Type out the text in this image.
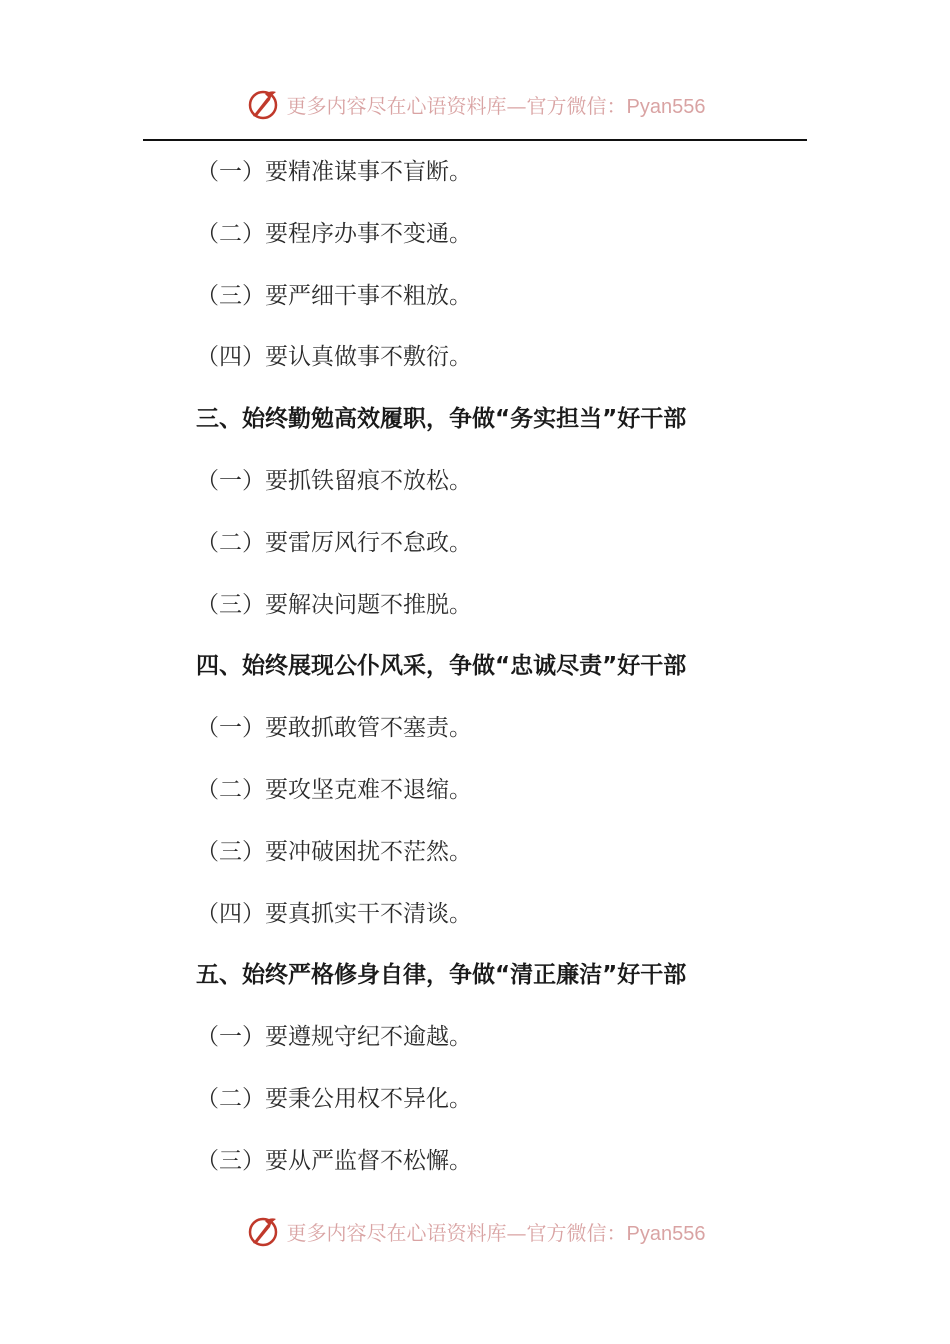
更多内容尽在心语资料库—官方微信：Pyan556
（一）要精准谋事不盲断。
（二）要程序办事不变通。
（三）要严细干事不粗放。
（四）要认真做事不敷衍。
三、始终勤勉高效履职，争做“务实担当”好干部
（一）要抓铁留痕不放松。
（二）要雷厉风行不怠政。
（三）要解决问题不推脱。
四、始终展现公仆风采，争做“忠诚尽责”好干部
（一）要敢抓敢管不塞责。
（二）要攻坚克难不退缩。
（三）要冲破困扰不茫然。
（四）要真抓实干不清谈。
五、始终严格修身自律，争做“清正廉洁”好干部
（一）要遵规守纪不逾越。
（二）要秉公用权不异化。
（三）要从严监督不松懈。
更多内容尽在心语资料库—官方微信：Pyan556
